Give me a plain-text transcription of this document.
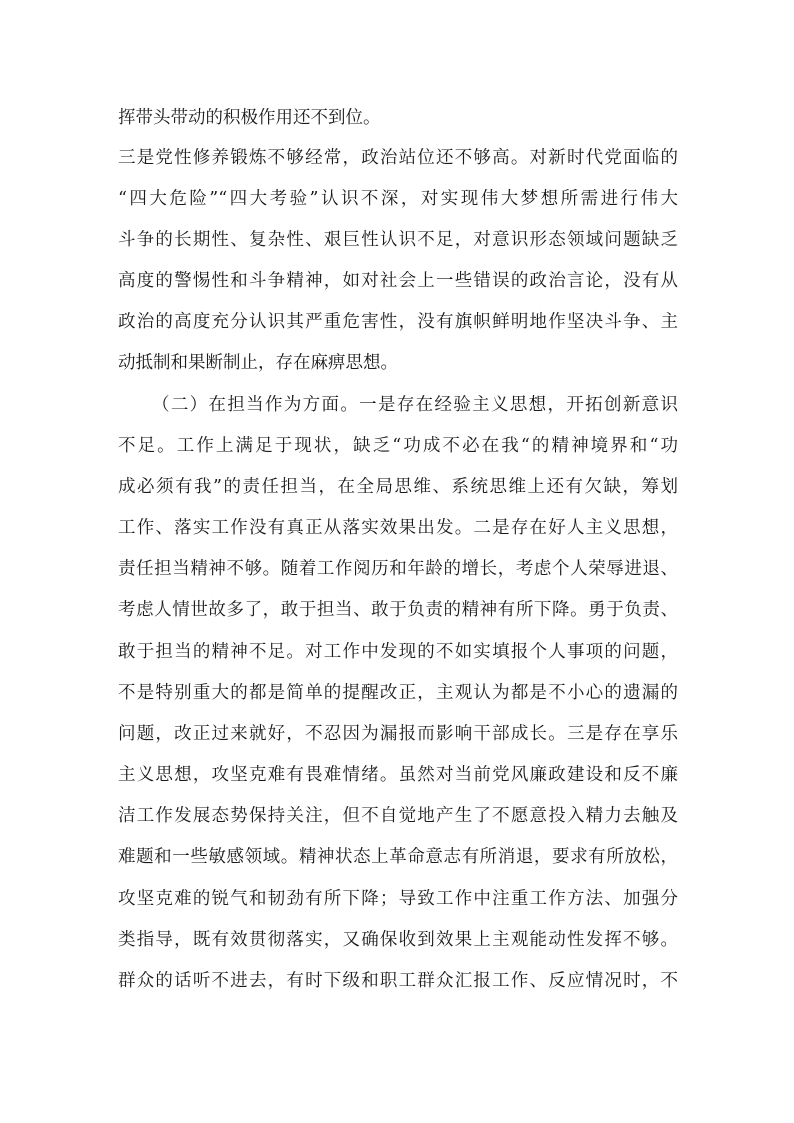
挥带头带动的积极作用还不到位。
三是党性修养锻炼不够经常，政治站位还不够高。对新时代党面临的
“四大危险”“四大考验”认识不深，对实现伟大梦想所需进行伟大
斗争的长期性、复杂性、艰巨性认识不足，对意识形态领域问题缺乏
高度的警惕性和斗争精神，如对社会上一些错误的政治言论，没有从
政治的高度充分认识其严重危害性，没有旗帜鲜明地作坚决斗争、主
动抵制和果断制止，存在麻痹思想。
（二）在担当作为方面。一是存在经验主义思想，开拓创新意识
不足。工作上满足于现状，缺乏“功成不必在我“的精神境界和“功
成必须有我”的责任担当，在全局思维、系统思维上还有欠缺，筹划
工作、落实工作没有真正从落实效果出发。二是存在好人主义思想，
责任担当精神不够。随着工作阅历和年龄的增长，考虑个人荣辱进退、
考虑人情世故多了，敢于担当、敢于负责的精神有所下降。勇于负责、
敢于担当的精神不足。对工作中发现的不如实填报个人事项的问题，
不是特别重大的都是简单的提醒改正，主观认为都是不小心的遗漏的
问题，改正过来就好，不忍因为漏报而影响干部成长。三是存在享乐
主义思想，攻坚克难有畏难情绪。虽然对当前党风廉政建设和反不廉
洁工作发展态势保持关注，但不自觉地产生了不愿意投入精力去触及
难题和一些敏感领域。精神状态上革命意志有所消退，要求有所放松，
攻坚克难的锐气和韧劲有所下降；导致工作中注重工作方法、加强分
类指导，既有效贯彻落实，又确保收到效果上主观能动性发挥不够。
群众的话听不进去，有时下级和职工群众汇报工作、反应情况时，不
